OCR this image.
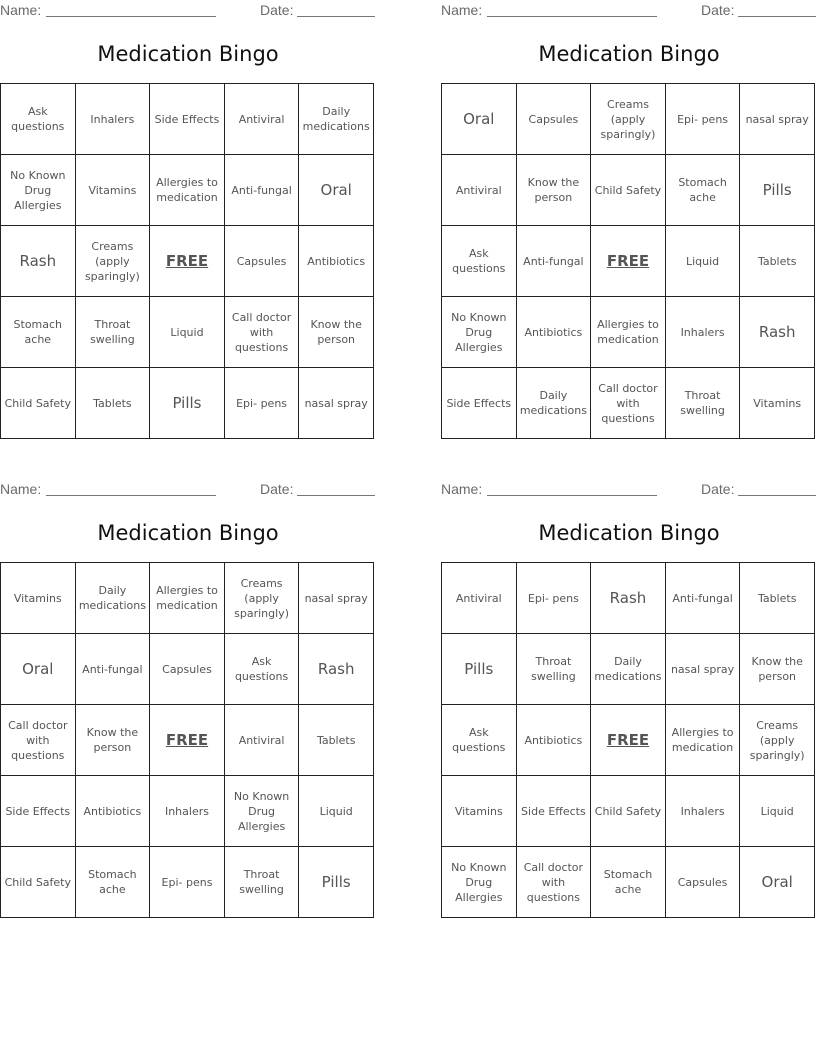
Name:	Date:
Medication Bingo
Ask questions	Inhalers	Side Effects	Antiviral	Daily medications
No Known Drug Allergies	Vitamins	Allergies to medication	Anti-fungal	Oral
Rash	Creams (apply sparingly)	FREE	Capsules	Antibiotics
Stomach ache	Throat swelling	Liquid	Call doctor with questions	Know the person
Child Safety	Tablets	Pills	Epi- pens	nasal spray
Name:	Date:
Medication Bingo
Oral	Capsules	Creams (apply sparingly)	Epi- pens	nasal spray
Antiviral	Know the person	Child Safety	Stomach ache	Pills
Ask questions	Anti-fungal	FREE	Liquid	Tablets
No Known Drug Allergies	Antibiotics	Allergies to medication	Inhalers	Rash
Side Effects	Daily medications	Call doctor with questions	Throat swelling	Vitamins
Name:	Date:
Medication Bingo
Vitamins	Daily medications	Allergies to medication	Creams (apply sparingly)	nasal spray
Oral	Anti-fungal	Capsules	Ask questions	Rash
Call doctor with questions	Know the person	FREE	Antiviral	Tablets
Side Effects	Antibiotics	Inhalers	No Known Drug Allergies	Liquid
Child Safety	Stomach ache	Epi- pens	Throat swelling	Pills
Name:	Date:
Medication Bingo
Antiviral	Epi- pens	Rash	Anti-fungal	Tablets
Pills	Throat swelling	Daily medications	nasal spray	Know the person
Ask questions	Antibiotics	FREE	Allergies to medication	Creams (apply sparingly)
Vitamins	Side Effects	Child Safety	Inhalers	Liquid
No Known Drug Allergies	Call doctor with questions	Stomach ache	Capsules	Oral
